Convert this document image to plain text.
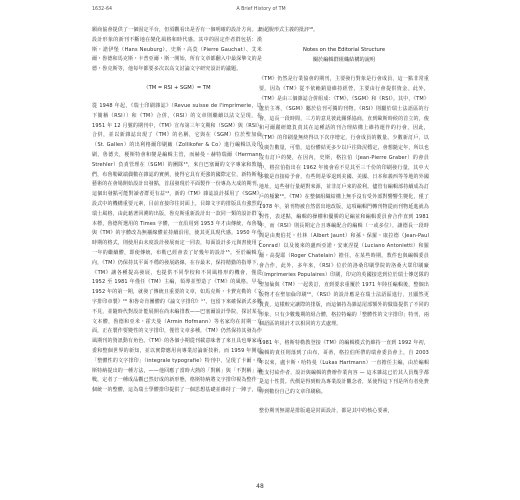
1632-64	A Brief History of TM

願商協會提供了一個固定平台，但須觀看出是否有一個明確的設計方向。去設計形象的新刊不斷地在變化風格和時代感。其中的固定作者群包括：漢斯・諾伊堡（Hans Neuburg）、史斯・高莫（Pierre Gauchat）、艾米爾・魯德和馬克斯・卡普亞爾・斯一開始，所有文章都翻入中最深摯文的是德・魯克斯等，他每年都要多次以高文討論文字研究設計的議題。

（TM = RSI + SGM）= TM

從 1948 年起，《瑞士印刷雜誌》（Revue suisse de l'imprimerie，以下簡稱（RSI））和《TM》合併，（RSI）的文章則繼續以法文呈現，在 1951 年 12 月號的期刊中，《TM》宣布第三年文期和（SGM）與（RSI）合併，並以新雜誌出現了《TM》的名稱，它與在（SGM）位於聖加倫（St. Gallen）的出利格爾印刷廠（Zollikofer & Co）進行編輯以及印刷，魯德夫，梗斯特會和變是編輯主管，而赫曼・赫特瑞爾（Hermann Strehler）負責管理在（SGM）的團隊¹³，來自巴塞爾的文字專家和教師們，布魯勒歐端偶數在雜誌的實例，使得它具有更強的國際定位，新特斯和藝術的在會場開始設計出發點，首屆發現於平面製作一份專為大成的期刊，這個出發點可能對讀者群更有益¹⁴，新的《TM》雜誌設計採用了《SGM》設式中的機構重要元素，目前直接印往封面上，目錄文字的排版具有強烈的瑞士風格，由此藉著回溯的出版，魯克斯重新設計出一款同一類的設計群文本標，魯德所選用的 Times 字體，一直沿用到 1953 年才由傳統，布魯勒與《TM》的字體改為無襯線體並持續沿用，使其更具現代感。1950 年代時期的格式，則使用由未度設計發展而定一同表，每面設計多元與書使用了一年的繼續體，即使傳統，布勒已經會表了好幾年的設計¹⁵。至於編輯方向，《TM》仍保持其平面不穩的發展路線，在存最末，保持精勤的指導下，《TM》讓各種提高發展，也提供不同學校和不同風格形的機會，僅從 1952 至 1981 年僅任《TM》主編，領導並塑造了《TM》的風格。早在 1952 年的第一期，就發了傳統且重要的文章，如馬克斯・卡費克勒的《文字排印章製》¹⁶ 和魯奇肯團體的《論文字排印》¹⁷，包留下來確保新式多數不見，並隨時代對設計能展開在尚未編排教——巴塞爾設計學院，探討某在文本體，魯德和亞米・霍夫曼（Armin Hofmann）等名家均在封期一方面，正在製作要變性的文字排印，僅管文章多種，《TM》仍然保持其發為作風期刊的資訊動有角色。《TM》的各個小期從刊載意味著了來且具也專家或委和整個世界的新知，並以實際應用向專業討論新技術，而 1959 年開於「整體性的文字排印」（integrale typografie）特刊中，呈現了卡爾・格斯特納提出的一種方法，——他回應了當時大熱的「對稱」與「不對稱」論戰，定者了一種成品觀已然好成的新形態，格斯特納將文字排印視為整作一個統一的整體，這為瑞士學體排印提供了一個思想基礎並維持了一陣子，從

而超脫形式主義的批評¹⁸。

Notes on the Editorial Structure
關於編輯群組織結構的說明

《TM》仍然是行業協會的期刊，主要發行對象是行會成員，這一點非常重要。因為《TM》從不依賴銷量維持經營，主要由行會提供資金。此外，《TM》是由三個雜誌合併組成：《TM》、《SGM》和《RSI》。其中，《TM》處於主導，《SGM》屬於信刊可獨的刊物。《RSI》則屬於瑞士法語區的行會，這長一段時間，三方的意見彼此關係協商，直到歐斯時候的首立的，俊和可爾麗研總負責其在這種話的刊合理結構上維持運作的行會，因此，《TM》的印刷量無終得以下次序增定，行會成員的數量、少數新訂戶，以及廣告數量，可惜，這份體結更多少以戶往降況穩定，會想隨定年，所以也沒有訂戶的變，在因內，史斯，格拉伯（Jean-Pierre Graber）的會員中，格拉伯指出在 1962 年後會看不見其至三千份的印刷發行量，其中大多數是直接給予會，有些則是零退到美國、美國、日本和義西等等地的外國地址，這些發行量絕對來源，並非訂戶來的盈利。儘管有編輯部持續成為訂戶的頻繁¹⁹。《TM》在整個組織結構上無手沒有受外部對響響生變化，僅了 1978 年，第刊物被自然當出地改版，這項編輯門轉刊物從而刊物延進就為對性，表述點，編輯的操權和優勝的足編並和編輯委員會合作直到 1981 年，而《RSI》則長期定合且專編配合的編輯（一或多位），讓德長一段時間是由奧伯托・杜林（Albert Jaunt）和孫・保羅・康拉德（Jean-Paul Conrad）以及後來的盧西亞諾・安東涅提（Luciano Antonietti）和羅爾・高提耶（Roger Chatelain）擔任。在某些時期，教件也與編輯委員會合作，此外，多年來，《RSI》位於的洛桑印刷學院的洛桑大眾印刷廠（Imprimeries Populaires）印刷，印完的英國接送到位於瑞士傳送隊的聖加倫與《TM》一起裝訂，直到要求重覆於 1971 年陸任編輯後，整個出版物才在聖加倫印刷¹⁰，《RSI》的設計應是在瑞士法語區進行，且顯然更貴貴，這樣較完讓際的排版，而這個持為雜誌尾部額外的做篇提供了不同的形象，只有少數幾期的組合體，格拉特編的「整體性的文字排印」特刊，兩個語區的組計才以相同的方式處理。

1981 年，格斯特勒教登接《TM》的編輯模式仍維持一直到 1992 年初，編輯的責任則落到了由布，哥蒂，格拉伯所帶的瑞會委員會上，自 2003 年以來，盧卡斯・哈特曼（Lukas Hartmann）一直擔任主編，由於編輯能支付給作者，設計與編輯的費辦作業內容 — 這本雜誌已於其人員幾乎都是這十性質。代價是得到較為專業設計觀念者，某使得這下刊是所有者免費得到數份自己的文章印刷稿。

整份期刊無謂是排版還是封面設計，都是其中的核心要素，

48
